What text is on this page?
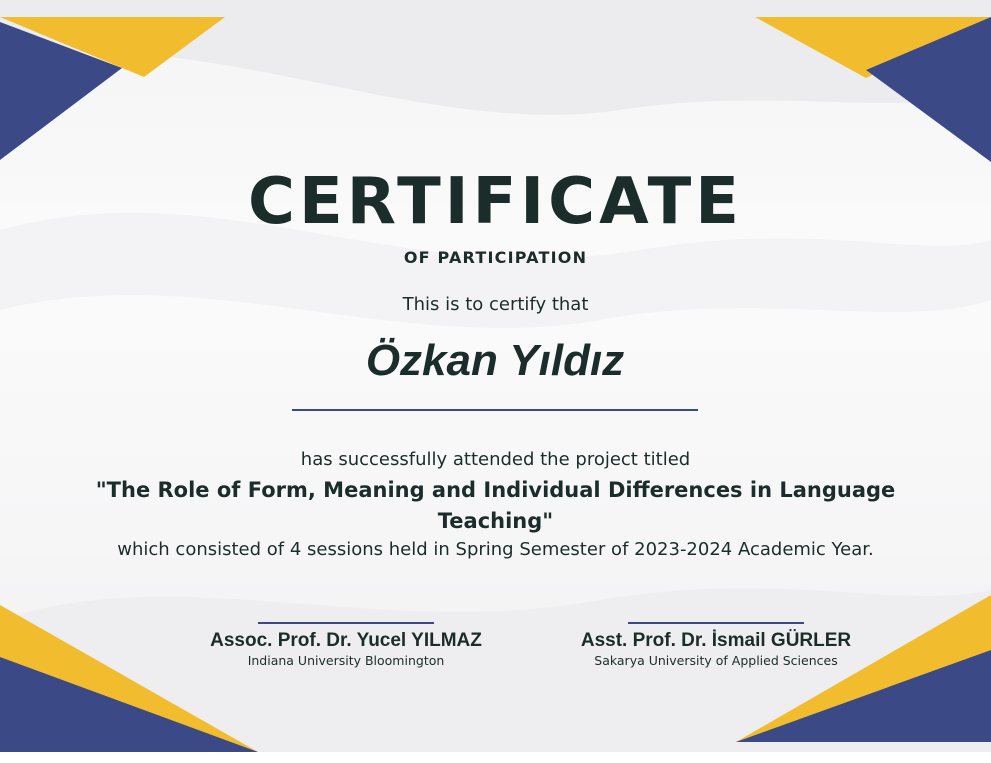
CERTIFICATE
OF PARTICIPATION
This is to certify that
Özkan Yıldız
has successfully attended the project titled
"The Role of Form, Meaning and Individual Differences in Language Teaching"
which consisted of 4 sessions held in Spring Semester of 2023-2024 Academic Year.
Assoc. Prof. Dr. Yucel YILMAZ
Indiana University Bloomington
Asst. Prof. Dr. İsmail GÜRLER
Sakarya University of Applied Sciences
